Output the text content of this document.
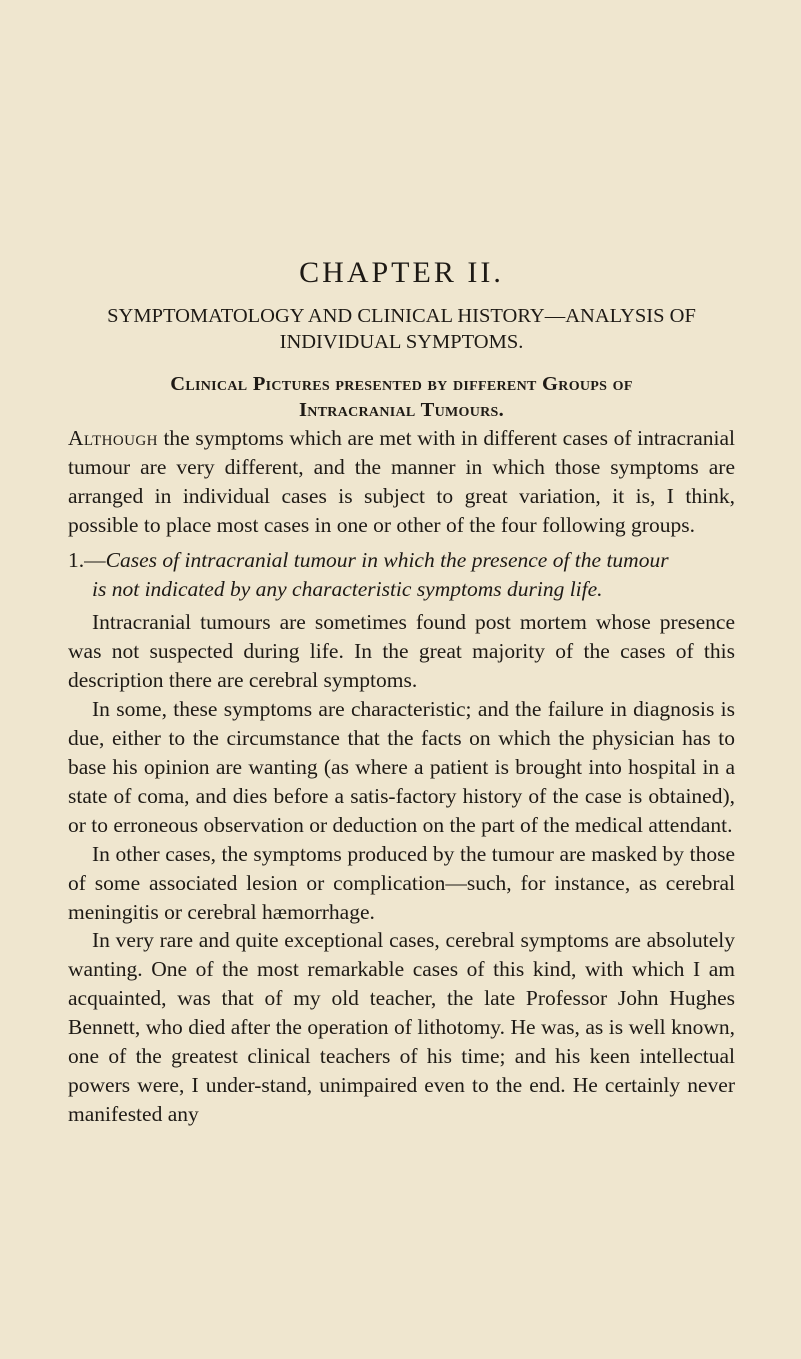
CHAPTER II.
SYMPTOMATOLOGY AND CLINICAL HISTORY—ANALYSIS OF
INDIVIDUAL SYMPTOMS.
Clinical Pictures presented by different Groups of
Intracranial Tumours.

Although the symptoms which are met with in different cases of intracranial tumour are very different, and the manner in which those symptoms are arranged in individual cases is subject to great variation, it is, I think, possible to place most cases in one or other of the four following groups.

1.—Cases of intracranial tumour in which the presence of the tumour
is not indicated by any characteristic symptoms during life.

Intracranial tumours are sometimes found post mortem whose presence was not suspected during life. In the great majority of the cases of this description there are cerebral symptoms.

In some, these symptoms are characteristic; and the failure in diagnosis is due, either to the circumstance that the facts on which the physician has to base his opinion are wanting (as where a patient is brought into hospital in a state of coma, and dies before a satis-factory history of the case is obtained), or to erroneous observation or deduction on the part of the medical attendant.

In other cases, the symptoms produced by the tumour are masked by those of some associated lesion or complication—such, for instance, as cerebral meningitis or cerebral hæmorrhage.

In very rare and quite exceptional cases, cerebral symptoms are absolutely wanting. One of the most remarkable cases of this kind, with which I am acquainted, was that of my old teacher, the late Professor John Hughes Bennett, who died after the operation of lithotomy. He was, as is well known, one of the greatest clinical teachers of his time; and his keen intellectual powers were, I under-stand, unimpaired even to the end. He certainly never manifested any
